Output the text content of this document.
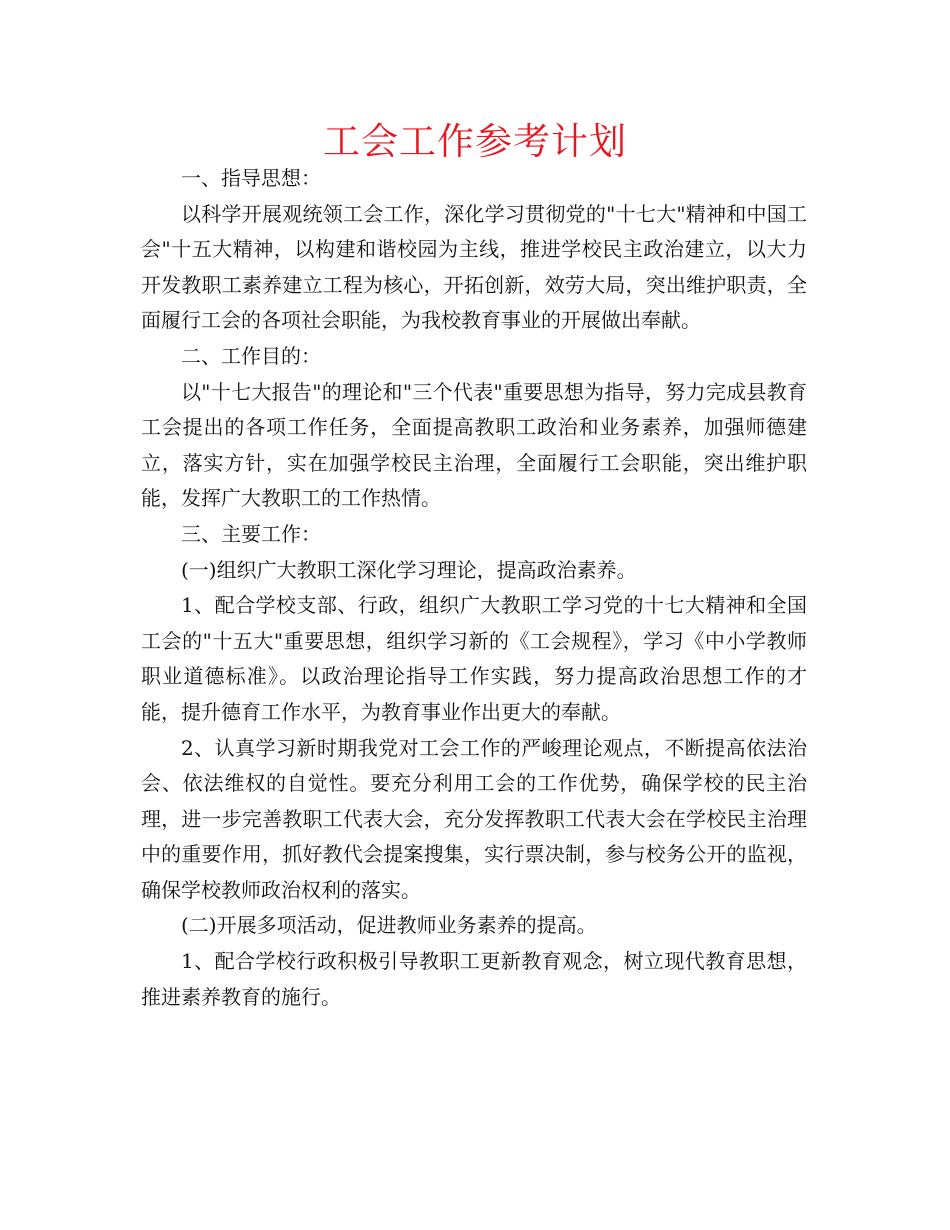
工会工作参考计划

一、指导思想：

以科学开展观统领工会工作，深化学习贯彻党的"十七大"精神和中国工会"十五大精神，以构建和谐校园为主线，推进学校民主政治建立，以大力开发教职工素养建立工程为核心，开拓创新，效劳大局，突出维护职责，全面履行工会的各项社会职能，为我校教育事业的开展做出奉献。

二、工作目的：

以"十七大报告"的理论和"三个代表"重要思想为指导，努力完成县教育工会提出的各项工作任务，全面提高教职工政治和业务素养，加强师德建立，落实方针，实在加强学校民主治理，全面履行工会职能，突出维护职能，发挥广大教职工的工作热情。

三、主要工作：

(一)组织广大教职工深化学习理论，提高政治素养。

1、配合学校支部、行政，组织广大教职工学习党的十七大精神和全国工会的"十五大"重要思想，组织学习新的《工会规程》，学习《中小学教师职业道德标准》。以政治理论指导工作实践，努力提高政治思想工作的才能，提升德育工作水平，为教育事业作出更大的奉献。

2、认真学习新时期我党对工会工作的严峻理论观点，不断提高依法治会、依法维权的自觉性。要充分利用工会的工作优势，确保学校的民主治理，进一步完善教职工代表大会，充分发挥教职工代表大会在学校民主治理中的重要作用，抓好教代会提案搜集，实行票决制，参与校务公开的监视，确保学校教师政治权利的落实。

(二)开展多项活动，促进教师业务素养的提高。

1、配合学校行政积极引导教职工更新教育观念，树立现代教育思想，推进素养教育的施行。
